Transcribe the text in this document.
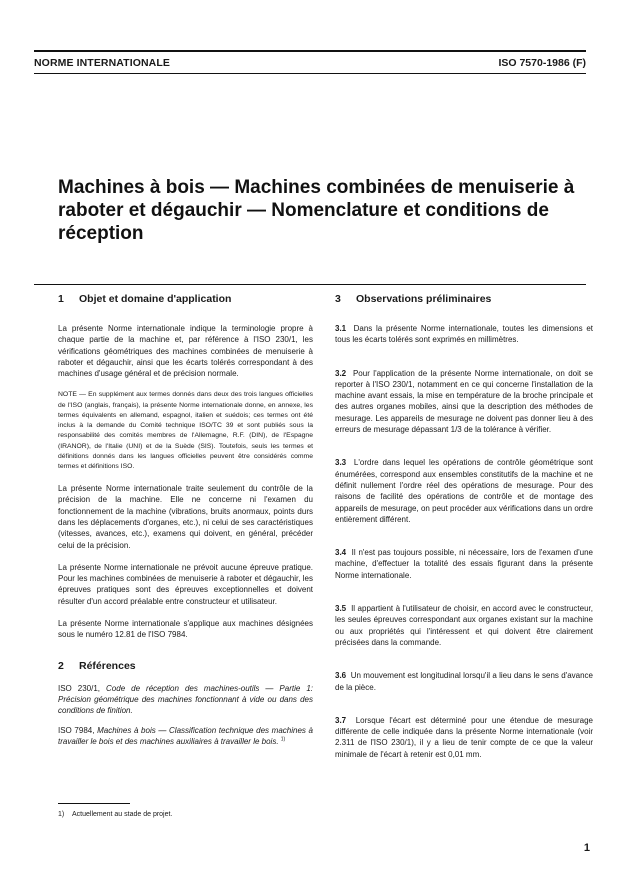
NORME INTERNATIONALE	ISO 7570-1986 (F)
Machines à bois — Machines combinées de menuiserie à raboter et dégauchir — Nomenclature et conditions de réception
1	Objet et domaine d'application

La présente Norme internationale indique la terminologie propre à chaque partie de la machine et, par référence à l'ISO 230/1, les vérifications géométriques des machines combinées de menuiserie à raboter et dégauchir, ainsi que les écarts tolérés correspondant à des machines d'usage général et de précision normale.

NOTE — En supplément aux termes donnés dans deux des trois langues officielles de l'ISO (anglais, français), la présente Norme internationale donne, en annexe, les termes équivalents en allemand, espagnol, italien et suédois; ces termes ont été inclus à la demande du Comité technique ISO/TC 39 et sont publiés sous la responsabilité des comités membres de l'Allemagne, R.F. (DIN), de l'Espagne (IRANOR), de l'Italie (UNI) et de la Suède (SIS). Toutefois, seuls les termes et définitions donnés dans les langues officielles peuvent être considérés comme termes et définitions ISO.

La présente Norme internationale traite seulement du contrôle de la précision de la machine. Elle ne concerne ni l'examen du fonctionnement de la machine (vibrations, bruits anormaux, points durs dans les déplacements d'organes, etc.), ni celui de ses caractéristiques (vitesses, avances, etc.), examens qui doivent, en général, précéder celui de la précision.

La présente Norme internationale ne prévoit aucune épreuve pratique. Pour les machines combinées de menuiserie à raboter et dégauchir, les épreuves pratiques sont des épreuves exceptionnelles et doivent résulter d'un accord préalable entre constructeur et utilisateur.

La présente Norme internationale s'applique aux machines désignées sous le numéro 12.81 de l'ISO 7984.

2	Références

ISO 230/1, Code de réception des machines-outils — Partie 1: Précision géométrique des machines fonctionnant à vide ou dans des conditions de finition.

ISO 7984, Machines à bois — Classification technique des machines à travailler le bois et des machines auxiliaires à travailler le bois. $^{1)}$

3	Observations préliminaires

3.1 Dans la présente Norme internationale, toutes les dimensions et tous les écarts tolérés sont exprimés en millimètres.

3.2 Pour l'application de la présente Norme internationale, on doit se reporter à l'ISO 230/1, notamment en ce qui concerne l'installation de la machine avant essais, la mise en température de la broche principale et des autres organes mobiles, ainsi que la description des méthodes de mesurage. Les appareils de mesurage ne doivent pas donner lieu à des erreurs de mesurage dépassant 1/3 de la tolérance à vérifier.

3.3 L'ordre dans lequel les opérations de contrôle géométrique sont énumérées, correspond aux ensembles constitutifs de la machine et ne définit nullement l'ordre réel des opérations de mesurage. Pour des raisons de facilité des opérations de contrôle et de montage des appareils de mesurage, on peut procéder aux vérifications dans un ordre entièrement différent.

3.4 Il n'est pas toujours possible, ni nécessaire, lors de l'examen d'une machine, d'effectuer la totalité des essais figurant dans la présente Norme internationale.

3.5 Il appartient à l'utilisateur de choisir, en accord avec le constructeur, les seules épreuves correspondant aux organes existant sur la machine ou aux propriétés qui l'intéressent et qui doivent être clairement précisées dans la commande.

3.6 Un mouvement est longitudinal lorsqu'il a lieu dans le sens d'avance de la pièce.

3.7 Lorsque l'écart est déterminé pour une étendue de mesurage différente de celle indiquée dans la présente Norme internationale (voir 2.311 de l'ISO 230/1), il y a lieu de tenir compte de ce que la valeur minimale de l'écart à retenir est 0,01 mm.

1) Actuellement au stade de projet.
1
